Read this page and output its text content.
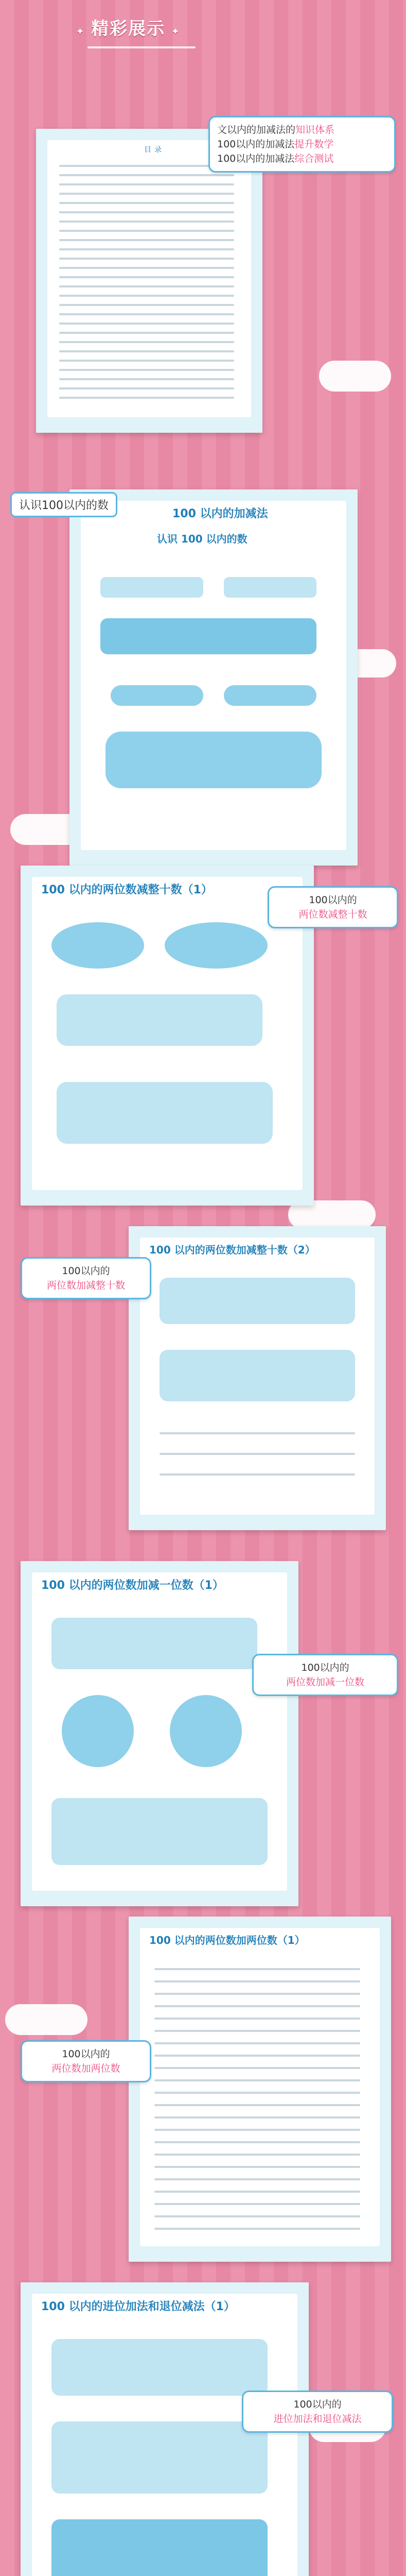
✦ 精彩展示 ✦
目 录
文以内的加减法的知识体系
100以内的加减法提升数学
100以内的加减法综合测试
100 以内的加减法
认识 100 以内的数
认识100以内的数
100 以内的两位数减整十数（1）
100以内的
两位数减整十数
100 以内的两位数加减整十数（2）
100以内的
两位数加减整十数
100 以内的两位数加减一位数（1）
100以内的
两位数加减一位数
100 以内的两位数加两位数（1）
100以内的
两位数加两位数
100 以内的进位加法和退位减法（1）
100以内的
进位加法和退位减法
